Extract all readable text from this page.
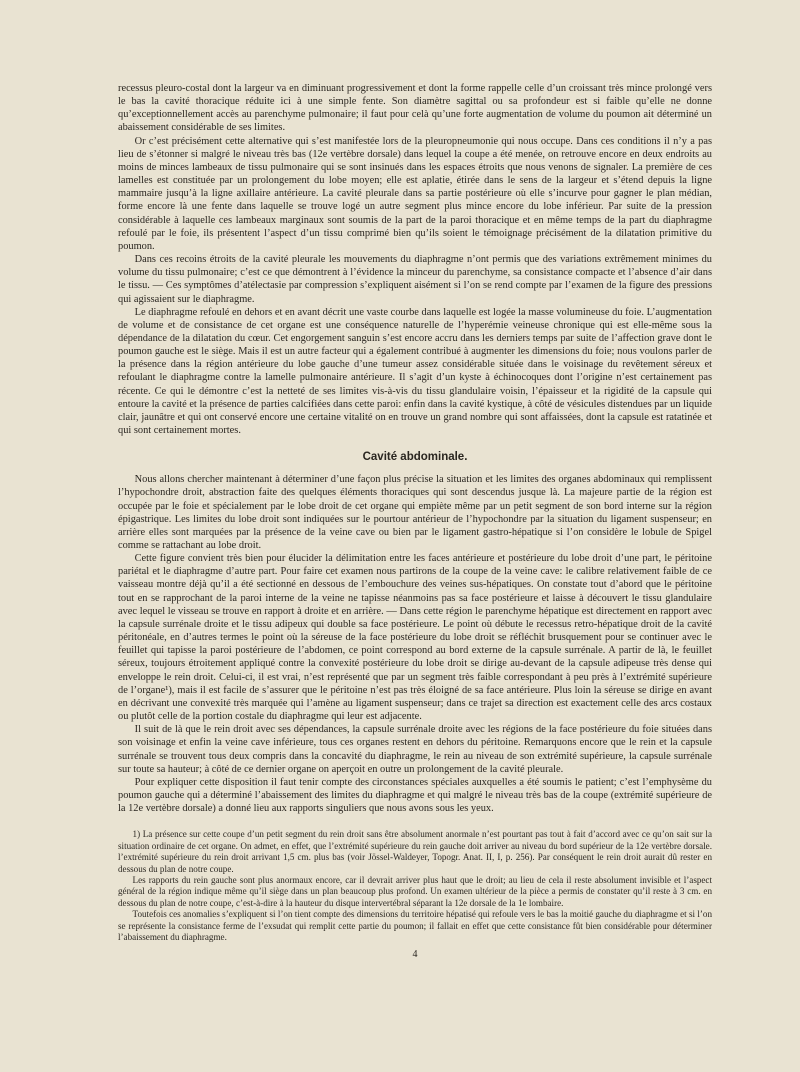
recessus pleuro-costal dont la largeur va en diminuant progressivement et dont la forme rappelle celle d’un croissant très mince prolongé vers le bas la cavité thoracique réduite ici à une simple fente. Son diamètre sagittal ou sa profondeur est si faible qu’elle ne donne qu’exceptionnellement accès au parenchyme pulmonaire; il faut pour celà qu’une forte augmentation de volume du poumon ait déterminé un abaissement considérable de ses limites.

Or c’est précisément cette alternative qui s’est manifestée lors de la pleuropneumonie qui nous occupe. Dans ces conditions il n’y a pas lieu de s’étonner si malgré le niveau très bas (12e vertèbre dorsale) dans lequel la coupe a été menée, on retrouve encore en deux endroits au moins de minces lambeaux de tissu pulmonaire qui se sont insinués dans les espaces étroits que nous venons de signaler. La première de ces lamelles est constituée par un prolongement du lobe moyen; elle est aplatie, étirée dans le sens de la largeur et s’étend depuis la ligne mammaire jusqu’à la ligne axillaire antérieure. La cavité pleurale dans sa partie postérieure où elle s’incurve pour gagner le plan médian, forme encore là une fente dans laquelle se trouve logé un autre segment plus mince encore du lobe inférieur. Par suite de la pression considérable à laquelle ces lambeaux marginaux sont soumis de la part de la paroi thoracique et en même temps de la part du diaphragme refoulé par le foie, ils présentent l’aspect d’un tissu comprimé bien qu’ils soient le témoignage précisément de la dilatation primitive du poumon.

Dans ces recoins étroits de la cavité pleurale les mouvements du diaphragme n’ont permis que des variations extrêmement minimes du volume du tissu pulmonaire; c’est ce que démontrent à l’évidence la minceur du parenchyme, sa consistance compacte et l’absence d’air dans le tissu. — Ces symptômes d’atélectasie par compression s’expliquent aisément si l’on se rend compte par l’examen de la figure des pressions qui agissaient sur le diaphragme.

Le diaphragme refoulé en dehors et en avant décrit une vaste courbe dans laquelle est logée la masse volumineuse du foie. L’augmentation de volume et de consistance de cet organe est une conséquence naturelle de l’hyperémie veineuse chronique qui est elle-même sous la dépendance de la dilatation du cœur. Cet engorgement sanguin s’est encore accru dans les derniers temps par suite de l’affection grave dont le poumon gauche est le siège. Mais il est un autre facteur qui a également contribué à augmenter les dimensions du foie; nous voulons parler de la présence dans la région antérieure du lobe gauche d’une tumeur assez considérable située dans le voisinage du revêtement séreux et refoulant le diaphragme contre la lamelle pulmonaire antérieure. Il s’agit d’un kyste à échinocoques dont l’origine n’est certainement pas récente. Ce qui le démontre c’est la netteté de ses limites vis-à-vis du tissu glandulaire voisin, l’épaisseur et la rigidité de la capsule qui entoure la cavité et la présence de parties calcifiées dans cette paroi: enfin dans la cavité kystique, à côté de vésicules distendues par un liquide clair, jaunâtre et qui ont conservé encore une certaine vitalité on en trouve un grand nombre qui sont affaissées, dont la capsule est ratatinée et qui sont certainement mortes.

Cavité abdominale.

Nous allons chercher maintenant à déterminer d’une façon plus précise la situation et les limites des organes abdominaux qui remplissent l’hypochondre droit, abstraction faite des quelques éléments thoraciques qui sont descendus jusque là. La majeure partie de la région est occupée par le foie et spécialement par le lobe droit de cet organe qui empiète même par un petit segment de son bord interne sur la région épigastrique. Les limites du lobe droit sont indiquées sur le pourtour antérieur de l’hypochondre par la situation du ligament suspenseur; en arrière elles sont marquées par la présence de la veine cave ou bien par le ligament gastro-hépatique si l’on considère le lobule de Spigel comme se rattachant au lobe droit.

Cette figure convient très bien pour élucider la délimitation entre les faces antérieure et postérieure du lobe droit d’une part, le péritoine pariétal et le diaphragme d’autre part. Pour faire cet examen nous partirons de la coupe de la veine cave: le calibre relativement faible de ce vaisseau montre déjà qu’il a été sectionné en dessous de l’embouchure des veines sus-hépatiques. On constate tout d’abord que le péritoine tout en se rapprochant de la paroi interne de la veine ne tapisse néanmoins pas sa face postérieure et laisse à découvert le tissu glandulaire avec lequel le visseau se trouve en rapport à droite et en arrière. — Dans cette région le parenchyme hépatique est directement en rapport avec la capsule surrénale droite et le tissu adipeux qui double sa face postérieure. Le point où débute le recessus retro-hépatique droit de la cavité péritonéale, en d’autres termes le point où la séreuse de la face postérieure du lobe droit se réfléchit brusquement pour se continuer avec le feuillet qui tapisse la paroi postérieure de l’abdomen, ce point correspond au bord externe de la capsule surrénale. A partir de là, le feuillet séreux, toujours étroitement appliqué contre la convexité postérieure du lobe droit se dirige au-devant de la capsule adipeuse très dense qui enveloppe le rein droit. Celui-ci, il est vrai, n’est représenté que par un segment très faible correspondant à peu près à l’extrémité supérieure de l’organe¹), mais il est facile de s’assurer que le péritoine n’est pas très éloigné de sa face antérieure. Plus loin la séreuse se dirige en avant en décrivant une convexité très marquée qui l’amène au ligament suspenseur; dans ce trajet sa direction est exactement celle des arcs costaux ou plutôt celle de la portion costale du diaphragme qui leur est adjacente.

Il suit de là que le rein droit avec ses dépendances, la capsule surrénale droite avec les régions de la face postérieure du foie situées dans son voisinage et enfin la veine cave inférieure, tous ces organes restent en dehors du péritoine. Remarquons encore que le rein et la capsule surrénale se trouvent tous deux compris dans la concavité du diaphragme, le rein au niveau de son extrémité supérieure, la capsule surrénale sur toute sa hauteur; à côté de ce dernier organe on aperçoit en outre un prolongement de la cavité pleurale.

Pour expliquer cette disposition il faut tenir compte des circonstances spéciales auxquelles a été soumis le patient; c’est l’emphysème du poumon gauche qui a déterminé l’abaissement des limites du diaphragme et qui malgré le niveau très bas de la coupe (extrémité supérieure de la 12e vertèbre dorsale) a donné lieu aux rapports singuliers que nous avons sous les yeux.

1) La présence sur cette coupe d’un petit segment du rein droit sans être absolument anormale n’est pourtant pas tout à fait d’accord avec ce qu’on sait sur la situation ordinaire de cet organe. On admet, en effet, que l’extrémité supérieure du rein gauche doit arriver au niveau du bord supérieur de la 12e vertèbre dorsale. l’extrémité supérieure du rein droit arrivant 1,5 cm. plus bas (voir Jössel-Waldeyer, Topogr. Anat. II, I, p. 256). Par conséquent le rein droit aurait dû rester en dessous du plan de notre coupe.

Les rapports du rein gauche sont plus anormaux encore, car il devrait arriver plus haut que le droit; au lieu de cela il reste absolument invisible et l’aspect général de la région indique même qu’il siège dans un plan beaucoup plus profond. Un examen ultérieur de la pièce a permis de constater qu’il reste à 3 cm. en dessous du plan de notre coupe, c’est-à-dire à la hauteur du disque intervertébral séparant la 12e dorsale de la 1e lombaire.

Toutefois ces anomalies s’expliquent si l’on tient compte des dimensions du territoire hépatisé qui refoule vers le bas la moitié gauche du diaphragme et si l’on se représente la consistance ferme de l’exsudat qui remplit cette partie du poumon; il fallait en effet que cette consistance fût bien considérable pour déterminer l’abaissement du diaphragme.

4
